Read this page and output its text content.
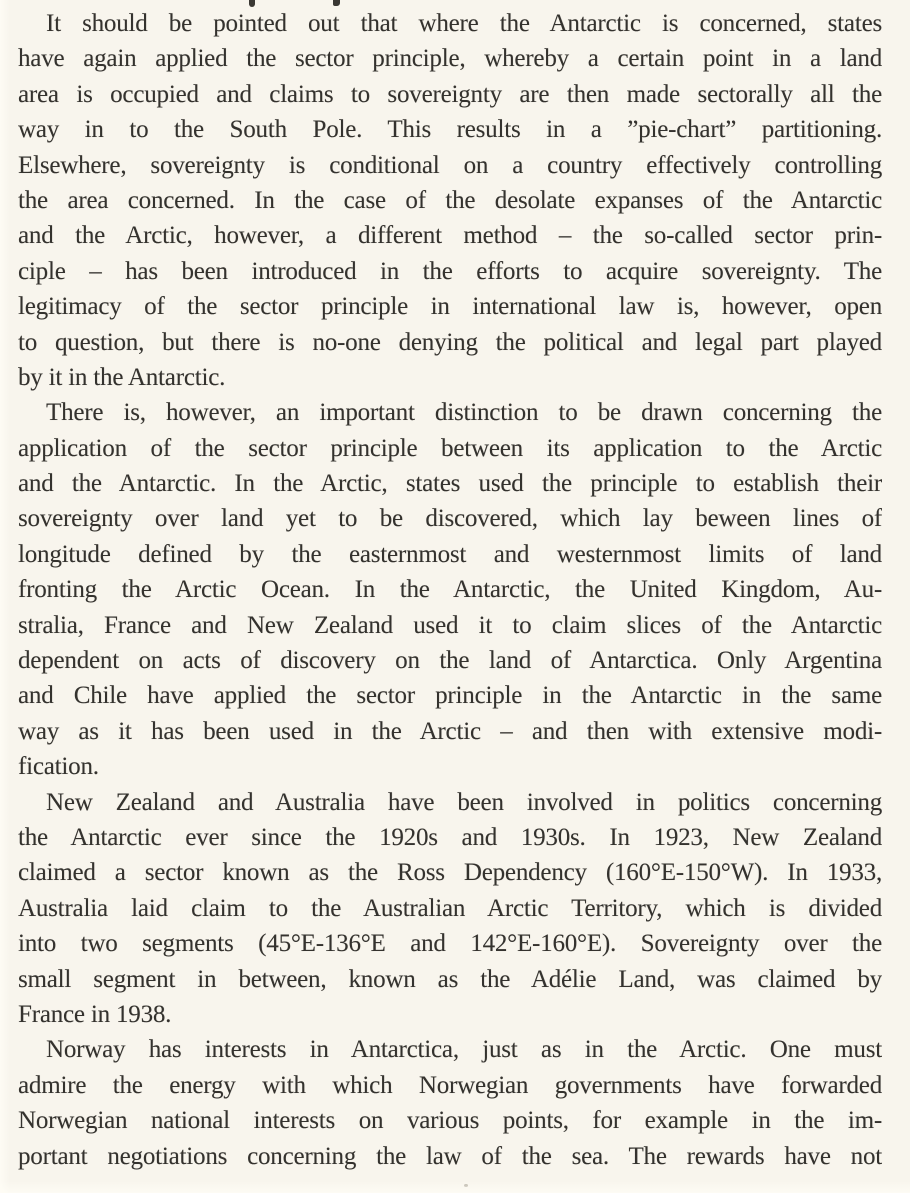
It should be pointed out that where the Antarctic is concerned, states
have again applied the sector principle, whereby a certain point in a land
area is occupied and claims to sovereignty are then made sectorally all the
way in to the South Pole. This results in a ”pie-chart” partitioning.
Elsewhere, sovereignty is conditional on a country effectively controlling
the area concerned. In the case of the desolate expanses of the Antarctic
and the Arctic, however, a different method – the so-called sector prin-
ciple – has been introduced in the efforts to acquire sovereignty. The
legitimacy of the sector principle in international law is, however, open
to question, but there is no-one denying the political and legal part played
by it in the Antarctic.

There is, however, an important distinction to be drawn concerning the
application of the sector principle between its application to the Arctic
and the Antarctic. In the Arctic, states used the principle to establish their
sovereignty over land yet to be discovered, which lay beween lines of
longitude defined by the easternmost and westernmost limits of land
fronting the Arctic Ocean. In the Antarctic, the United Kingdom, Au-
stralia, France and New Zealand used it to claim slices of the Antarctic
dependent on acts of discovery on the land of Antarctica. Only Argentina
and Chile have applied the sector principle in the Antarctic in the same
way as it has been used in the Arctic – and then with extensive modi-
fication.

New Zealand and Australia have been involved in politics concerning
the Antarctic ever since the 1920s and 1930s. In 1923, New Zealand
claimed a sector known as the Ross Dependency (160°E-150°W). In 1933,
Australia laid claim to the Australian Arctic Territory, which is divided
into two segments (45°E-136°E and 142°E-160°E). Sovereignty over the
small segment in between, known as the Adélie Land, was claimed by
France in 1938.

Norway has interests in Antarctica, just as in the Arctic. One must
admire the energy with which Norwegian governments have forwarded
Norwegian national interests on various points, for example in the im-
portant negotiations concerning the law of the sea. The rewards have not
